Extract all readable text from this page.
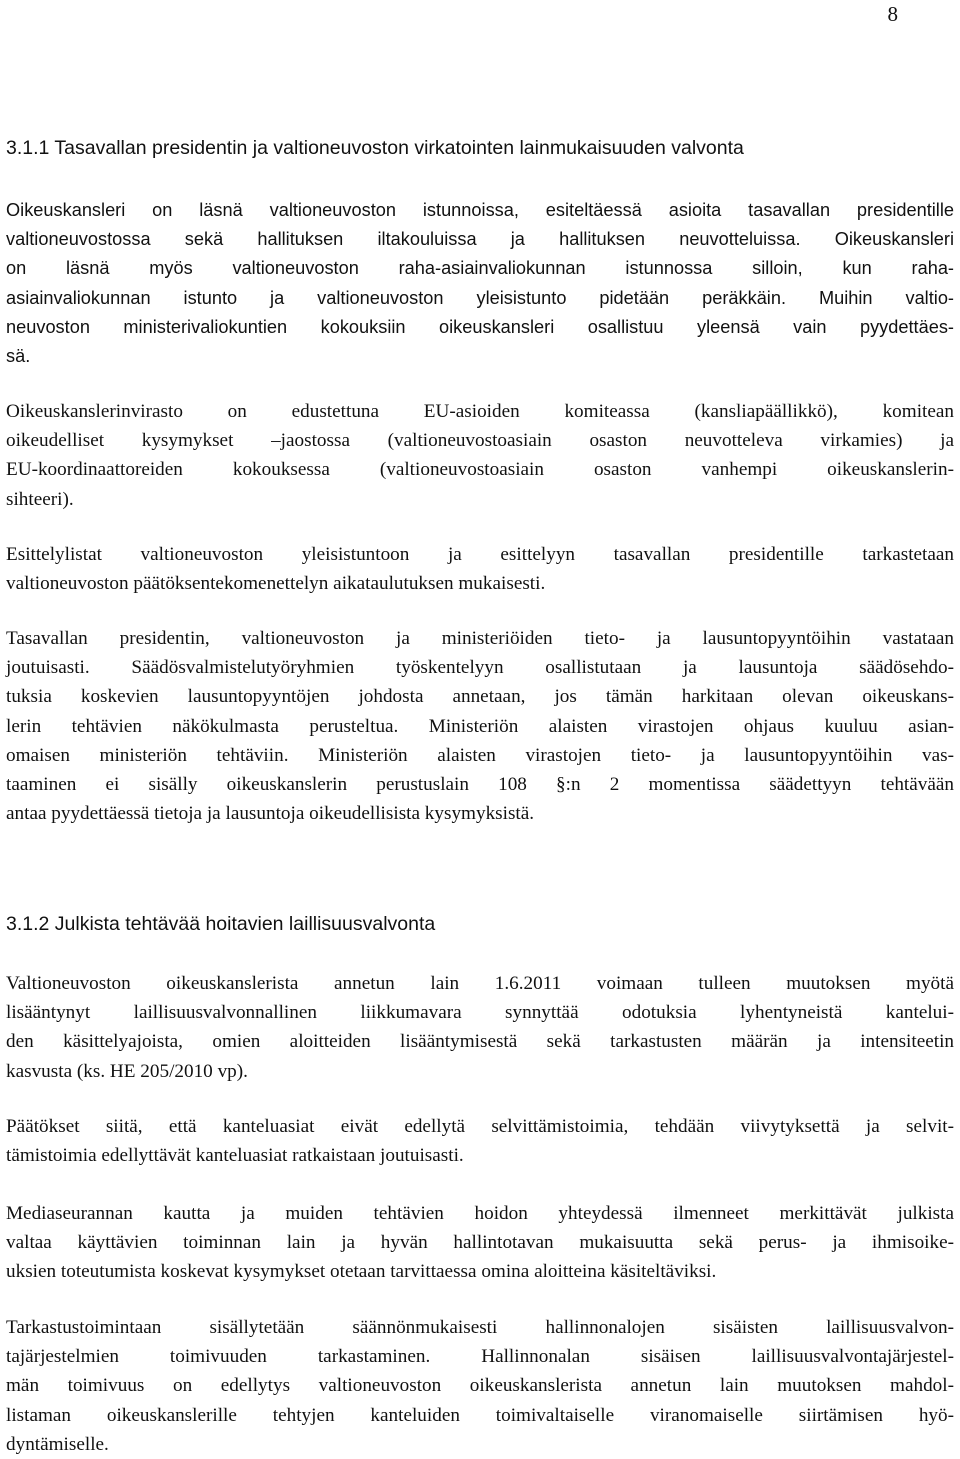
8
3.1.1 Tasavallan presidentin ja valtioneuvoston virkatointen lainmukaisuuden valvonta
Oikeuskansleri on läsnä valtioneuvoston istunnoissa, esiteltäessä asioita tasavallan presidentille
valtioneuvostossa sekä hallituksen iltakouluissa ja hallituksen neuvotteluissa. Oikeuskansleri
on läsnä myös valtioneuvoston raha-asiainvaliokunnan istunnossa silloin, kun raha-
asiainvaliokunnan istunto ja valtioneuvoston yleisistunto pidetään peräkkäin. Muihin valtio-
neuvoston ministerivaliokuntien kokouksiin oikeuskansleri osallistuu yleensä vain pyydettäes-
sä.
Oikeuskanslerinvirasto on edustettuna EU-asioiden komiteassa (kansliapäällikkö), komitean
oikeudelliset kysymykset –jaostossa (valtioneuvostoasiain osaston neuvotteleva virkamies) ja
EU-koordinaattoreiden kokouksessa (valtioneuvostoasiain osaston vanhempi oikeuskanslerin-
sihteeri).
Esittelylistat valtioneuvoston yleisistuntoon ja esittelyyn tasavallan presidentille tarkastetaan
valtioneuvoston päätöksentekomenettelyn aikataulutuksen mukaisesti.
Tasavallan presidentin, valtioneuvoston ja ministeriöiden tieto- ja lausuntopyyntöihin vastataan
joutuisasti. Säädösvalmistelutyöryhmien työskentelyyn osallistutaan ja lausuntoja säädösehdo-
tuksia koskevien lausuntopyyntöjen johdosta annetaan, jos tämän harkitaan olevan oikeuskans-
lerin tehtävien näkökulmasta perusteltua. Ministeriön alaisten virastojen ohjaus kuuluu asian-
omaisen ministeriön tehtäviin. Ministeriön alaisten virastojen tieto- ja lausuntopyyntöihin vas-
taaminen ei sisälly oikeuskanslerin perustuslain 108 §:n 2 momentissa säädettyyn tehtävään
antaa pyydettäessä tietoja ja lausuntoja oikeudellisista kysymyksistä.
3.1.2 Julkista tehtävää hoitavien laillisuusvalvonta
Valtioneuvoston oikeuskanslerista annetun lain 1.6.2011 voimaan tulleen muutoksen myötä
lisääntynyt laillisuusvalvonnallinen liikkumavara synnyttää odotuksia lyhentyneistä kantelui-
den käsittelyajoista, omien aloitteiden lisääntymisestä sekä tarkastusten määrän ja intensiteetin
kasvusta (ks. HE 205/2010 vp).
Päätökset siitä, että kanteluasiat eivät edellytä selvittämistoimia, tehdään viivytyksettä ja selvit-
tämistoimia edellyttävät kanteluasiat ratkaistaan joutuisasti.
Mediaseurannan kautta ja muiden tehtävien hoidon yhteydessä ilmenneet merkittävät julkista
valtaa käyttävien toiminnan lain ja hyvän hallintotavan mukaisuutta sekä perus- ja ihmisoike-
uksien toteutumista koskevat kysymykset otetaan tarvittaessa omina aloitteina käsiteltäviksi.
Tarkastustoimintaan sisällytetään säännönmukaisesti hallinnonalojen sisäisten laillisuusvalvon-
tajärjestelmien toimivuuden tarkastaminen. Hallinnonalan sisäisen laillisuusvalvontajärjestel-
män toimivuus on edellytys valtioneuvoston oikeuskanslerista annetun lain muutoksen mahdol-
listaman oikeuskanslerille tehtyjen kanteluiden toimivaltaiselle viranomaiselle siirtämisen hyö-
dyntämiselle.
